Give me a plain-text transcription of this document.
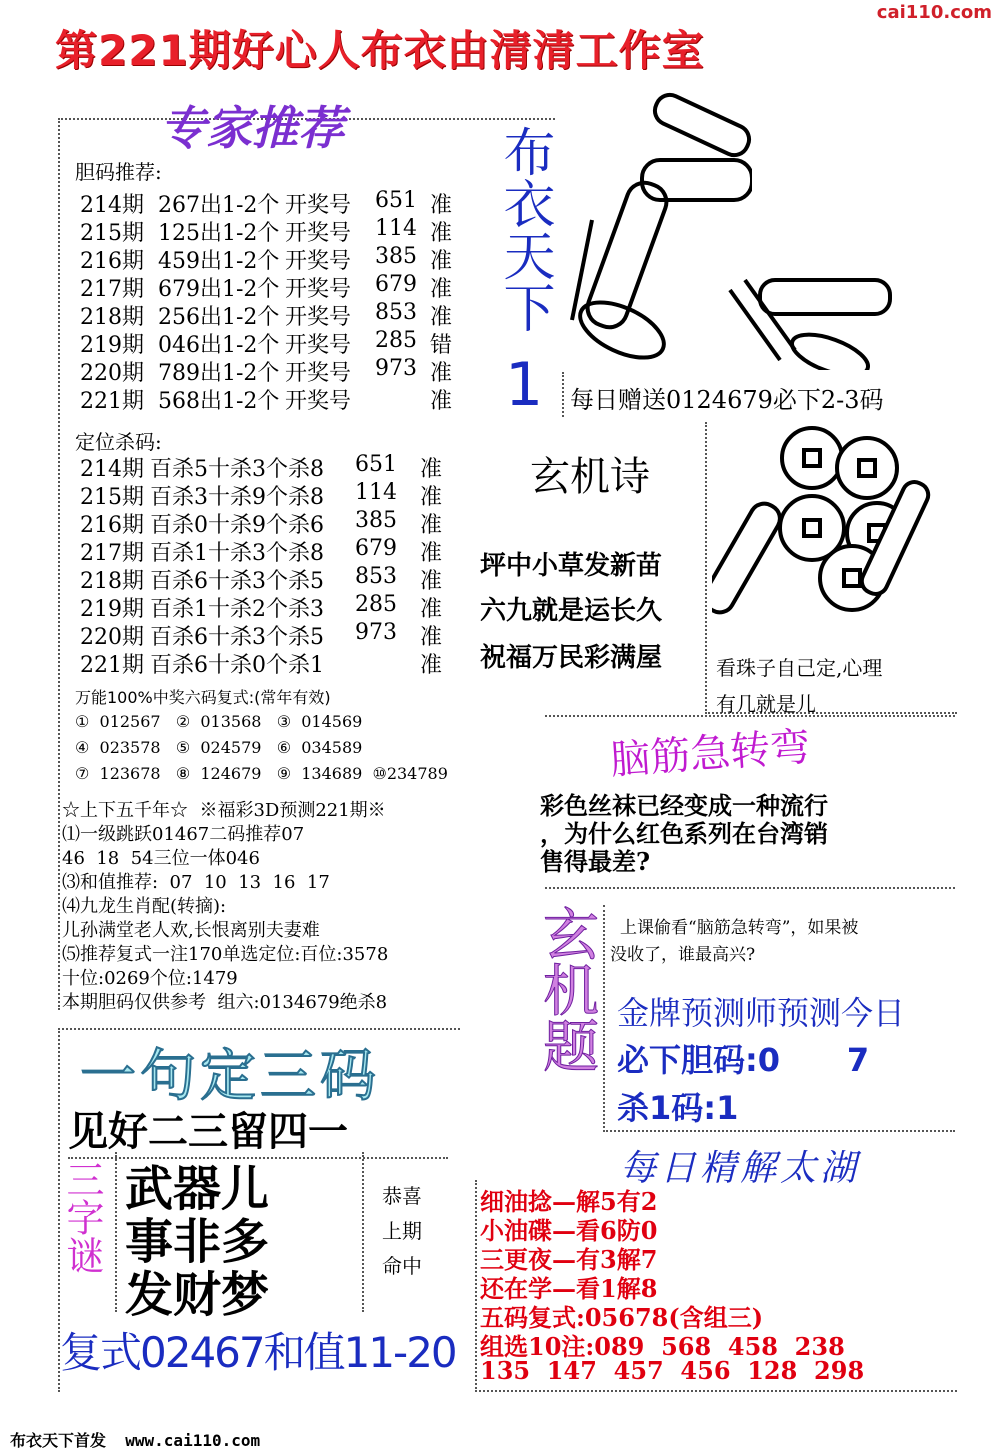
第221期好心人布衣由清清工作室
cai110.com
专家推荐
胆码推荐:
214期 267出1-2个 开奖号 651 准
215期 125出1-2个 开奖号 114 准
216期 459出1-2个 开奖号 385 准
217期 679出1-2个 开奖号 679 准
218期 256出1-2个 开奖号 853 准
219期 046出1-2个 开奖号 285 错
220期 789出1-2个 开奖号 973 准
221期 568出1-2个 开奖号	准
定位杀码:
214期 百杀5十杀3个杀8 651 准
215期 百杀3十杀9个杀8 114 准
216期 百杀0十杀9个杀6 385 准
217期 百杀1十杀3个杀8 679 准
218期 百杀6十杀3个杀5 853 准
219期 百杀1十杀2个杀3 285 准
220期 百杀6十杀3个杀5 973 准
221期 百杀6十杀0个杀1	准
万能100%中奖六码复式:(常年有效)
①  012567   ②  013568   ③  014569
④  023578   ⑤  024579   ⑥  034589
⑦  123678   ⑧  124679   ⑨  134689  ⑩234789
☆上下五千年☆  ※福彩3D预测221期※
⑴一级跳跃01467二码推荐07
46  18  54三位一体046
⑶和值推荐:  07  10  13  16  17
⑷九龙生肖配(转摘):
儿孙满堂老人欢,长恨离别夫妻难
⑸推荐复式一注170单选定位:百位:3578
十位:0269个位:1479
本期胆码仅供参考  组六:0134679绝杀8
布衣天下
1 每日赠送0124679必下2-3码
玄机诗
坪中小草发新苗
六九就是运长久
祝福万民彩满屋	看珠子自己定,心理
有几就是儿
脑筋急转弯
彩色丝袜已经变成一种流行
，为什么红色系列在台湾销
售得最差?
玄机题 上课偷看“脑筋急转弯”，如果被
没收了，谁最高兴?
金牌预测师预测今日
必下胆码:0      7
杀1码:1
一句定三码
见好二三留四一
三字谜 武器儿
事非多
发财梦
恭喜
上期
命中
复式02467和值11-20
每日精解太湖
细油捻—解5有2
小油碟—看6防0
三更夜—有3解7
还在学—看1解8
五码复式:05678(含组三)
组选10注:089  568  458  238
135  147  457  456  128  298
布衣天下首发  www.cai110.com
